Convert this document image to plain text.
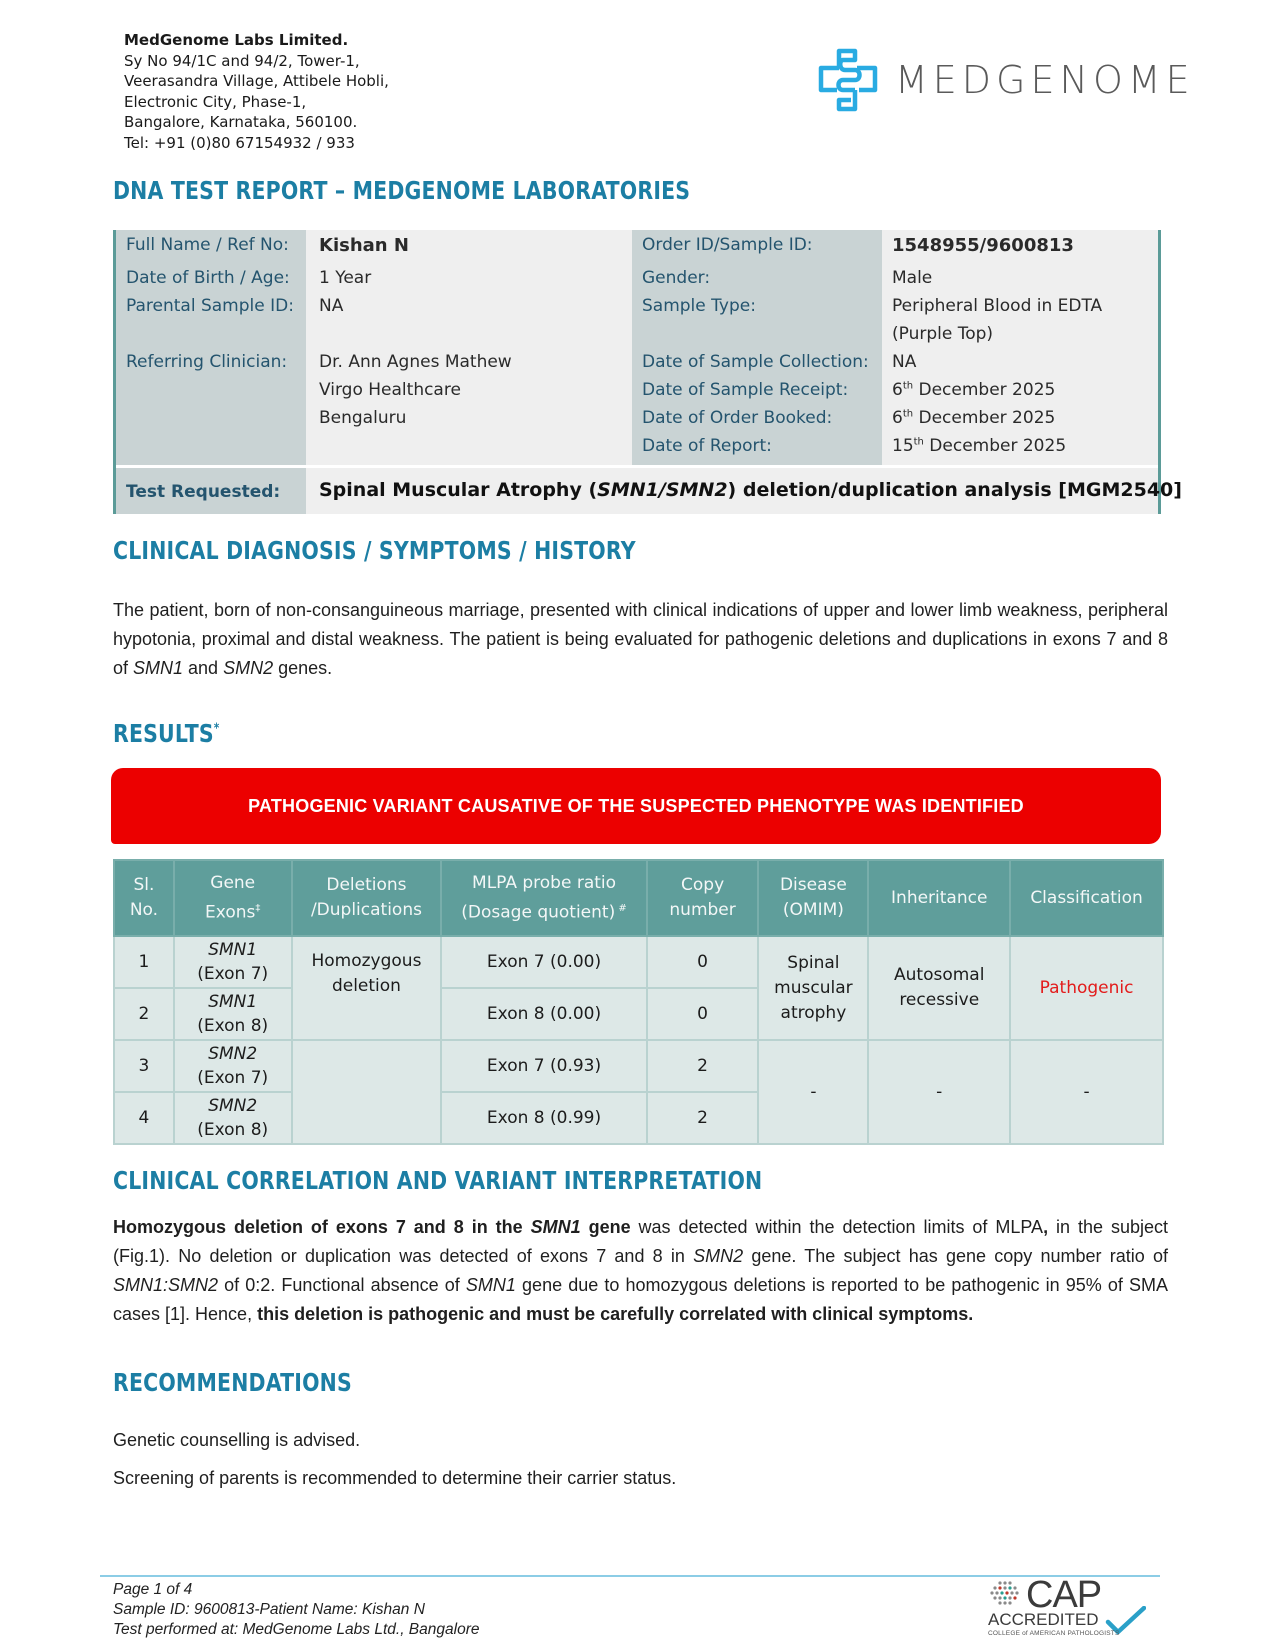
MedGenome Labs Limited.
Sy No 94/1C and 94/2, Tower-1,
Veerasandra Village, Attibele Hobli,
Electronic City, Phase-1,
Bangalore, Karnataka, 560100.
Tel: +91 (0)80 67154932 / 933
MEDGENOME
DNA TEST REPORT – MEDGENOME LABORATORIES
Full Name / Ref No: Kishan N
Date of Birth / Age: 1 Year
Parental Sample ID: NA
Referring Clinician: Dr. Ann Agnes Mathew
Virgo Healthcare
Bengaluru
Order ID/Sample ID:	1548955/9600813
Gender:	Male
Sample Type:	Peripheral Blood in EDTA
(Purple Top)
Date of Sample Collection: NA
Date of Sample Receipt:	6th December 2025
Date of Order Booked:	6th December 2025
Date of Report:	15th December 2025
Test Requested: Spinal Muscular Atrophy (SMN1/SMN2) deletion/duplication analysis [MGM2540]
CLINICAL DIAGNOSIS / SYMPTOMS / HISTORY
The patient, born of non-consanguineous marriage, presented with clinical indications of upper and lower limb weakness, peripheral hypotonia, proximal and distal weakness. The patient is being evaluated for pathogenic deletions and duplications in exons 7 and 8 of SMN1 and SMN2 genes.
RESULTS*
PATHOGENIC VARIANT CAUSATIVE OF THE SUSPECTED PHENOTYPE WAS IDENTIFIED
Sl.
No.	Gene
Exons‡	Deletions
/Duplications	MLPA probe ratio
(Dosage quotient) #	Copy
number	Disease
(OMIM)	Inheritance	Classification
1	SMN1
(Exon 7)	Homozygous deletion	Exon 7 (0.00)	0	Spinal muscular atrophy	Autosomal recessive	Pathogenic
2	SMN1
(Exon 8)		Exon 8 (0.00)	0			
3	SMN2
(Exon 7)		Exon 7 (0.93)	2	-	-	-
4	SMN2
(Exon 8)		Exon 8 (0.99)	2			
CLINICAL CORRELATION AND VARIANT INTERPRETATION
Homozygous deletion of exons 7 and 8 in the SMN1 gene was detected within the detection limits of MLPA, in the subject (Fig.1). No deletion or duplication was detected of exons 7 and 8 in SMN2 gene. The subject has gene copy number ratio of SMN1:SMN2 of 0:2. Functional absence of SMN1 gene due to homozygous deletions is reported to be pathogenic in 95% of SMA cases [1]. Hence, this deletion is pathogenic and must be carefully correlated with clinical symptoms.
RECOMMENDATIONS
Genetic counselling is advised.
Screening of parents is recommended to determine their carrier status.
Page 1 of 4
Sample ID: 9600813-Patient Name: Kishan N
Test performed at: MedGenome Labs Ltd., Bangalore
CAP
ACCREDITED
COLLEGE of AMERICAN PATHOLOGISTS
